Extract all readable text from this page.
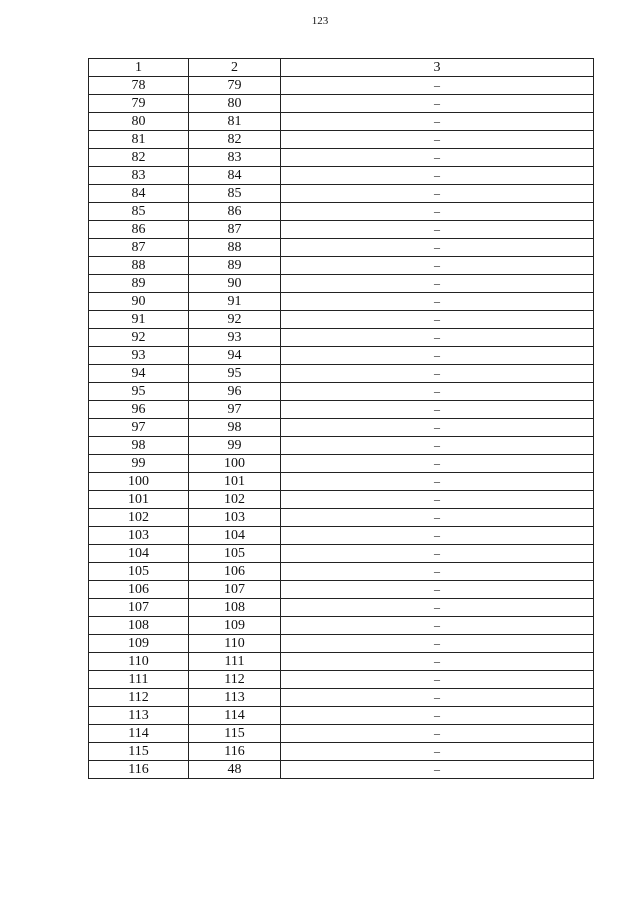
123
1	2	3
78	79	–
79	80	–
80	81	–
81	82	–
82	83	–
83	84	–
84	85	–
85	86	–
86	87	–
87	88	–
88	89	–
89	90	–
90	91	–
91	92	–
92	93	–
93	94	–
94	95	–
95	96	–
96	97	–
97	98	–
98	99	–
99	100	–
100	101	–
101	102	–
102	103	–
103	104	–
104	105	–
105	106	–
106	107	–
107	108	–
108	109	–
109	110	–
110	111	–
111	112	–
112	113	–
113	114	–
114	115	–
115	116	–
116	48	–
